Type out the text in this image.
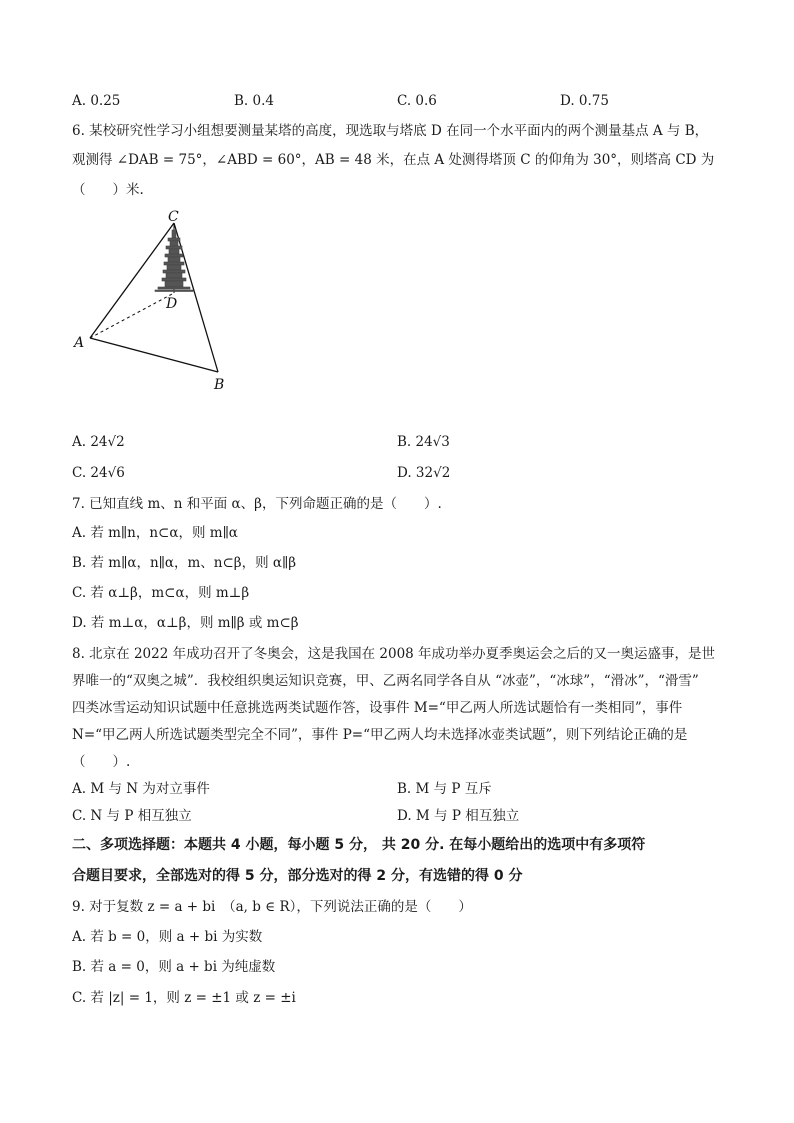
A. 0.25	B. 0.4	C. 0.6	D. 0.75
6. 某校研究性学习小组想要测量某塔的高度，现选取与塔底 D 在同一个水平面内的两个测量基点 A 与 B，
观测得 ∠DAB = 75°，∠ABD = 60°，AB = 48 米，在点 A 处测得塔顶 C 的仰角为 30°，则塔高 CD 为
（　　）米.
C
D
A
B
A. 24√2	B. 24√3
C. 24√6	D. 32√2
7. 已知直线 m、n 和平面 α、β，下列命题正确的是（　　）.
A. 若 m∥n，n⊂α，则 m∥α
B. 若 m∥α，n∥α，m、n⊂β，则 α∥β
C. 若 α⊥β，m⊂α，则 m⊥β
D. 若 m⊥α，α⊥β，则 m∥β 或 m⊂β
8. 北京在 2022 年成功召开了冬奥会，这是我国在 2008 年成功举办夏季奥运会之后的又一奥运盛事，是世
界唯一的“双奥之城”．我校组织奥运知识竞赛，甲、乙两名同学各自从 “冰壶”，“冰球”，“滑冰”，“滑雪”
四类冰雪运动知识试题中任意挑选两类试题作答，设事件 M=“甲乙两人所选试题恰有一类相同”，事件
N=“甲乙两人所选试题类型完全不同”，事件 P=“甲乙两人均未选择冰壶类试题”，则下列结论正确的是
（　　）.
A. M 与 N 为对立事件	B. M 与 P 互斥
C. N 与 P 相互独立	D. M 与 P 相互独立
二、多项选择题：本题共 4 小题，每小题 5 分， 共 20 分. 在每小题给出的选项中有多项符
合题目要求，全部选对的得 5 分，部分选对的得 2 分，有选错的得 0 分
9. 对于复数 z = a + bi　（a, b ∈ R），下列说法正确的是（　　）
A. 若 b = 0，则 a + bi 为实数
B. 若 a = 0，则 a + bi 为纯虚数
C. 若 |z| = 1，则 z = ±1 或 z = ±i
